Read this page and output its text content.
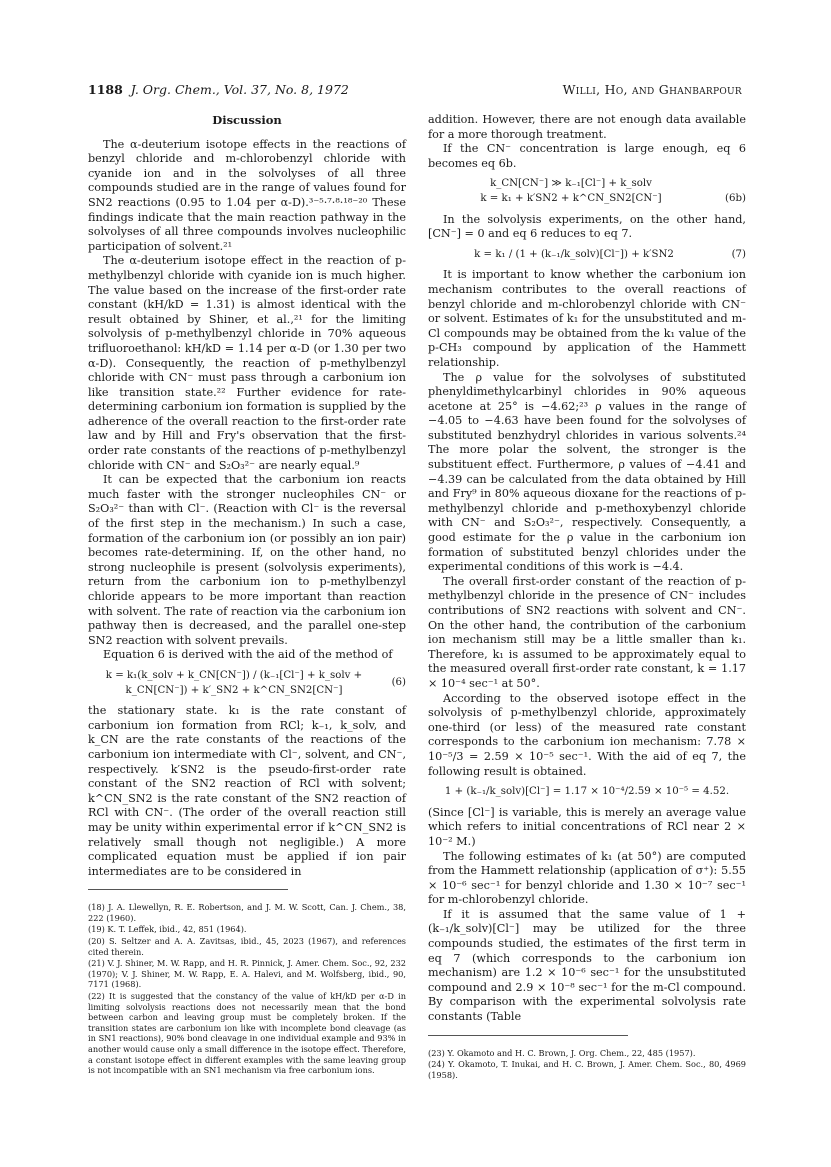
1188 J. Org. Chem., Vol. 37, No. 8, 1972	Willi, Ho, and Ghanbarpour
Discussion

The α-deuterium isotope effects in the reactions of benzyl chloride and m-chlorobenzyl chloride with cyanide ion and in the solvolyses of all three compounds studied are in the range of values found for SN2 reactions (0.95 to 1.04 per α-D).³⁻⁵·⁷·⁸·¹⁸⁻²⁰ These findings indicate that the main reaction pathway in the solvolyses of all three compounds involves nucleophilic participation of solvent.²¹

The α-deuterium isotope effect in the reaction of p-methylbenzyl chloride with cyanide ion is much higher. The value based on the increase of the first-order rate constant (kH/kD = 1.31) is almost identical with the result obtained by Shiner, et al.,²¹ for the limiting solvolysis of p-methylbenzyl chloride in 70% aqueous trifluoroethanol: kH/kD = 1.14 per α-D (or 1.30 per two α-D). Consequently, the reaction of p-methylbenzyl chloride with CN⁻ must pass through a carbonium ion like transition state.²² Further evidence for rate-determining carbonium ion formation is supplied by the adherence of the overall reaction to the first-order rate law and by Hill and Fry's observation that the first-order rate constants of the reactions of p-methylbenzyl chloride with CN⁻ and S₂O₃²⁻ are nearly equal.⁹

It can be expected that the carbonium ion reacts much faster with the stronger nucleophiles CN⁻ or S₂O₃²⁻ than with Cl⁻. (Reaction with Cl⁻ is the reversal of the first step in the mechanism.) In such a case, formation of the carbonium ion (or possibly an ion pair) becomes rate-determining. If, on the other hand, no strong nucleophile is present (solvolysis experiments), return from the carbonium ion to p-methylbenzyl chloride appears to be more important than reaction with solvent. The rate of reaction via the carbonium ion pathway then is decreased, and the parallel one-step SN2 reaction with solvent prevails.

Equation 6 is derived with the aid of the method of

k = k₁(k_solv + k_CN[CN⁻]) / (k₋₁[Cl⁻] + k_solv + k_CN[CN⁻]) + k′_SN2 + k^CN_SN2[CN⁻]
(6)

the stationary state. k₁ is the rate constant of carbonium ion formation from RCl; k₋₁, k_solv, and k_CN are the rate constants of the reactions of the carbonium ion intermediate with Cl⁻, solvent, and CN⁻, respectively. k′SN2 is the pseudo-first-order rate constant of the SN2 reaction of RCl with solvent; k^CN_SN2 is the rate constant of the SN2 reaction of RCl with CN⁻. (The order of the overall reaction still may be unity within experimental error if k^CN_SN2 is relatively small though not negligible.) A more complicated equation must be applied if ion pair intermediates are to be considered in

(18) J. A. Llewellyn, R. E. Robertson, and J. M. W. Scott, Can. J. Chem., 38, 222 (1960).
(19) K. T. Leffek, ibid., 42, 851 (1964).
(20) S. Seltzer and A. A. Zavitsas, ibid., 45, 2023 (1967), and references cited therein.
(21) V. J. Shiner, M. W. Rapp, and H. R. Pinnick, J. Amer. Chem. Soc., 92, 232 (1970); V. J. Shiner, M. W. Rapp, E. A. Halevi, and M. Wolfsberg, ibid., 90, 7171 (1968).
(22) It is suggested that the constancy of the value of kH/kD per α-D in limiting solvolysis reactions does not necessarily mean that the bond between carbon and leaving group must be completely broken. If the transition states are carbonium ion like with incomplete bond cleavage (as in SN1 reactions), 90% bond cleavage in one individual example and 93% in another would cause only a small difference in the isotope effect. Therefore, a constant isotope effect in different examples with the same leaving group is not incompatible with an SN1 mechanism via free carbonium ions.

addition. However, there are not enough data available for a more thorough treatment.

If the CN⁻ concentration is large enough, eq 6 becomes eq 6b.

k_CN[CN⁻] ≫ k₋₁[Cl⁻] + k_solv
k = k₁ + k′SN2 + k^CN_SN2[CN⁻]	(6b)

In the solvolysis experiments, on the other hand, [CN⁻] = 0 and eq 6 reduces to eq 7.

k = k₁ / (1 + (k₋₁/k_solv)[Cl⁻]) + k′SN2	(7)

It is important to know whether the carbonium ion mechanism contributes to the overall reactions of benzyl chloride and m-chlorobenzyl chloride with CN⁻ or solvent. Estimates of k₁ for the unsubstituted and m-Cl compounds may be obtained from the k₁ value of the p-CH₃ compound by application of the Hammett relationship.

The ρ value for the solvolyses of substituted phenyldimethylcarbinyl chlorides in 90% aqueous acetone at 25° is −4.62;²³ ρ values in the range of −4.05 to −4.63 have been found for the solvolyses of substituted benzhydryl chlorides in various solvents.²⁴ The more polar the solvent, the stronger is the substituent effect. Furthermore, ρ values of −4.41 and −4.39 can be calculated from the data obtained by Hill and Fry⁹ in 80% aqueous dioxane for the reactions of p-methylbenzyl chloride and p-methoxybenzyl chloride with CN⁻ and S₂O₃²⁻, respectively. Consequently, a good estimate for the ρ value in the carbonium ion formation of substituted benzyl chlorides under the experimental conditions of this work is −4.4.

The overall first-order constant of the reaction of p-methylbenzyl chloride in the presence of CN⁻ includes contributions of SN2 reactions with solvent and CN⁻. On the other hand, the contribution of the carbonium ion mechanism still may be a little smaller than k₁. Therefore, k₁ is assumed to be approximately equal to the measured overall first-order rate constant, k = 1.17 × 10⁻⁴ sec⁻¹ at 50°.

According to the observed isotope effect in the solvolysis of p-methylbenzyl chloride, approximately one-third (or less) of the measured rate constant corresponds to the carbonium ion mechanism: 7.78 × 10⁻⁵/3 = 2.59 × 10⁻⁵ sec⁻¹. With the aid of eq 7, the following result is obtained.

1 + (k₋₁/k_solv)[Cl⁻] = 1.17 × 10⁻⁴/2.59 × 10⁻⁵ = 4.52.

(Since [Cl⁻] is variable, this is merely an average value which refers to initial concentrations of RCl near 2 × 10⁻² M.)

The following estimates of k₁ (at 50°) are computed from the Hammett relationship (application of σ⁺): 5.55 × 10⁻⁶ sec⁻¹ for benzyl chloride and 1.30 × 10⁻⁷ sec⁻¹ for m-chlorobenzyl chloride.

If it is assumed that the same value of 1 + (k₋₁/k_solv)[Cl⁻] may be utilized for the three compounds studied, the estimates of the first term in eq 7 (which corresponds to the carbonium ion mechanism) are 1.2 × 10⁻⁶ sec⁻¹ for the unsubstituted compound and 2.9 × 10⁻⁸ sec⁻¹ for the m-Cl compound. By comparison with the experimental solvolysis rate constants (Table

(23) Y. Okamoto and H. C. Brown, J. Org. Chem., 22, 485 (1957).
(24) Y. Okamoto, T. Inukai, and H. C. Brown, J. Amer. Chem. Soc., 80, 4969 (1958).
